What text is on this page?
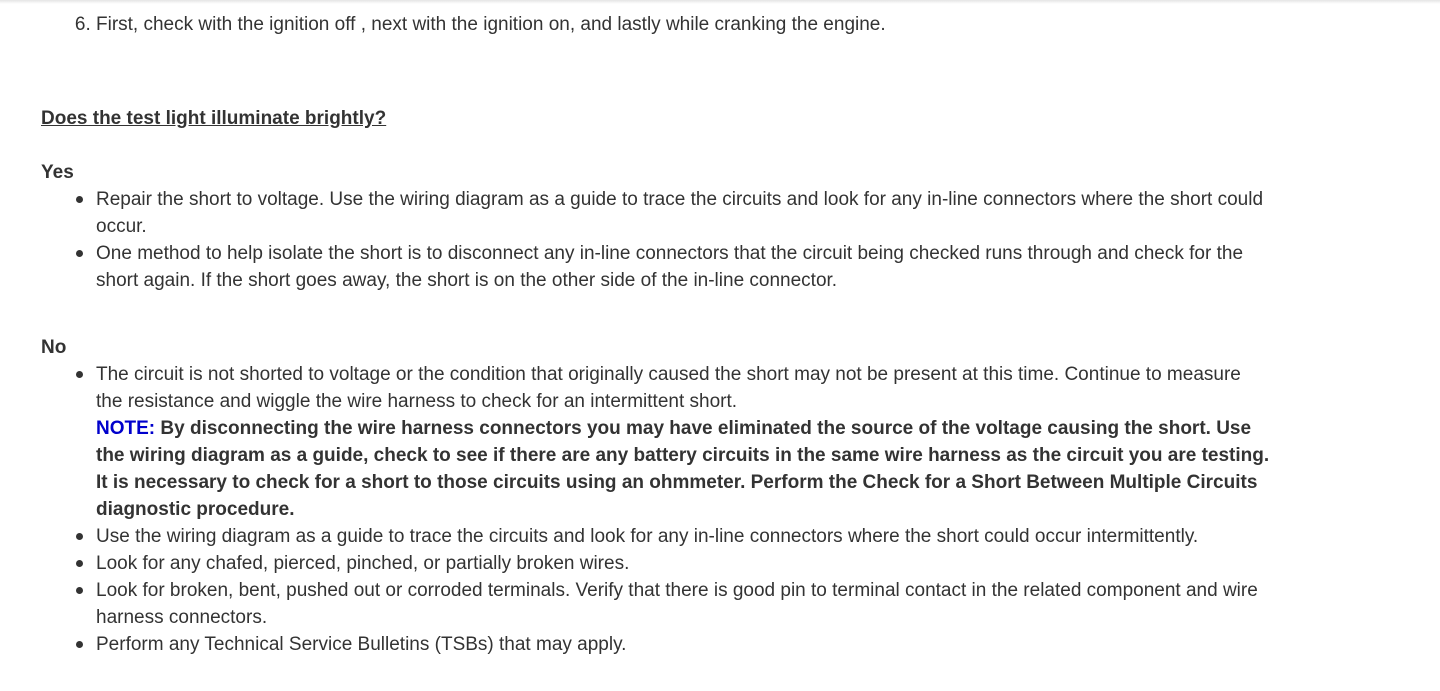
6. First, check with the ignition off , next with the ignition on, and lastly while cranking the engine.
Does the test light illuminate brightly?
Yes
Repair the short to voltage. Use the wiring diagram as a guide to trace the circuits and look for any in-line connectors where the short could occur.
One method to help isolate the short is to disconnect any in-line connectors that the circuit being checked runs through and check for the short again. If the short goes away, the short is on the other side of the in-line connector.
No
The circuit is not shorted to voltage or the condition that originally caused the short may not be present at this time. Continue to measure the resistance and wiggle the wire harness to check for an intermittent short.
NOTE: By disconnecting the wire harness connectors you may have eliminated the source of the voltage causing the short. Use the wiring diagram as a guide, check to see if there are any battery circuits in the same wire harness as the circuit you are testing. It is necessary to check for a short to those circuits using an ohmmeter. Perform the Check for a Short Between Multiple Circuits diagnostic procedure.
Use the wiring diagram as a guide to trace the circuits and look for any in-line connectors where the short could occur intermittently.
Look for any chafed, pierced, pinched, or partially broken wires.
Look for broken, bent, pushed out or corroded terminals. Verify that there is good pin to terminal contact in the related component and wire harness connectors.
Perform any Technical Service Bulletins (TSBs) that may apply.
